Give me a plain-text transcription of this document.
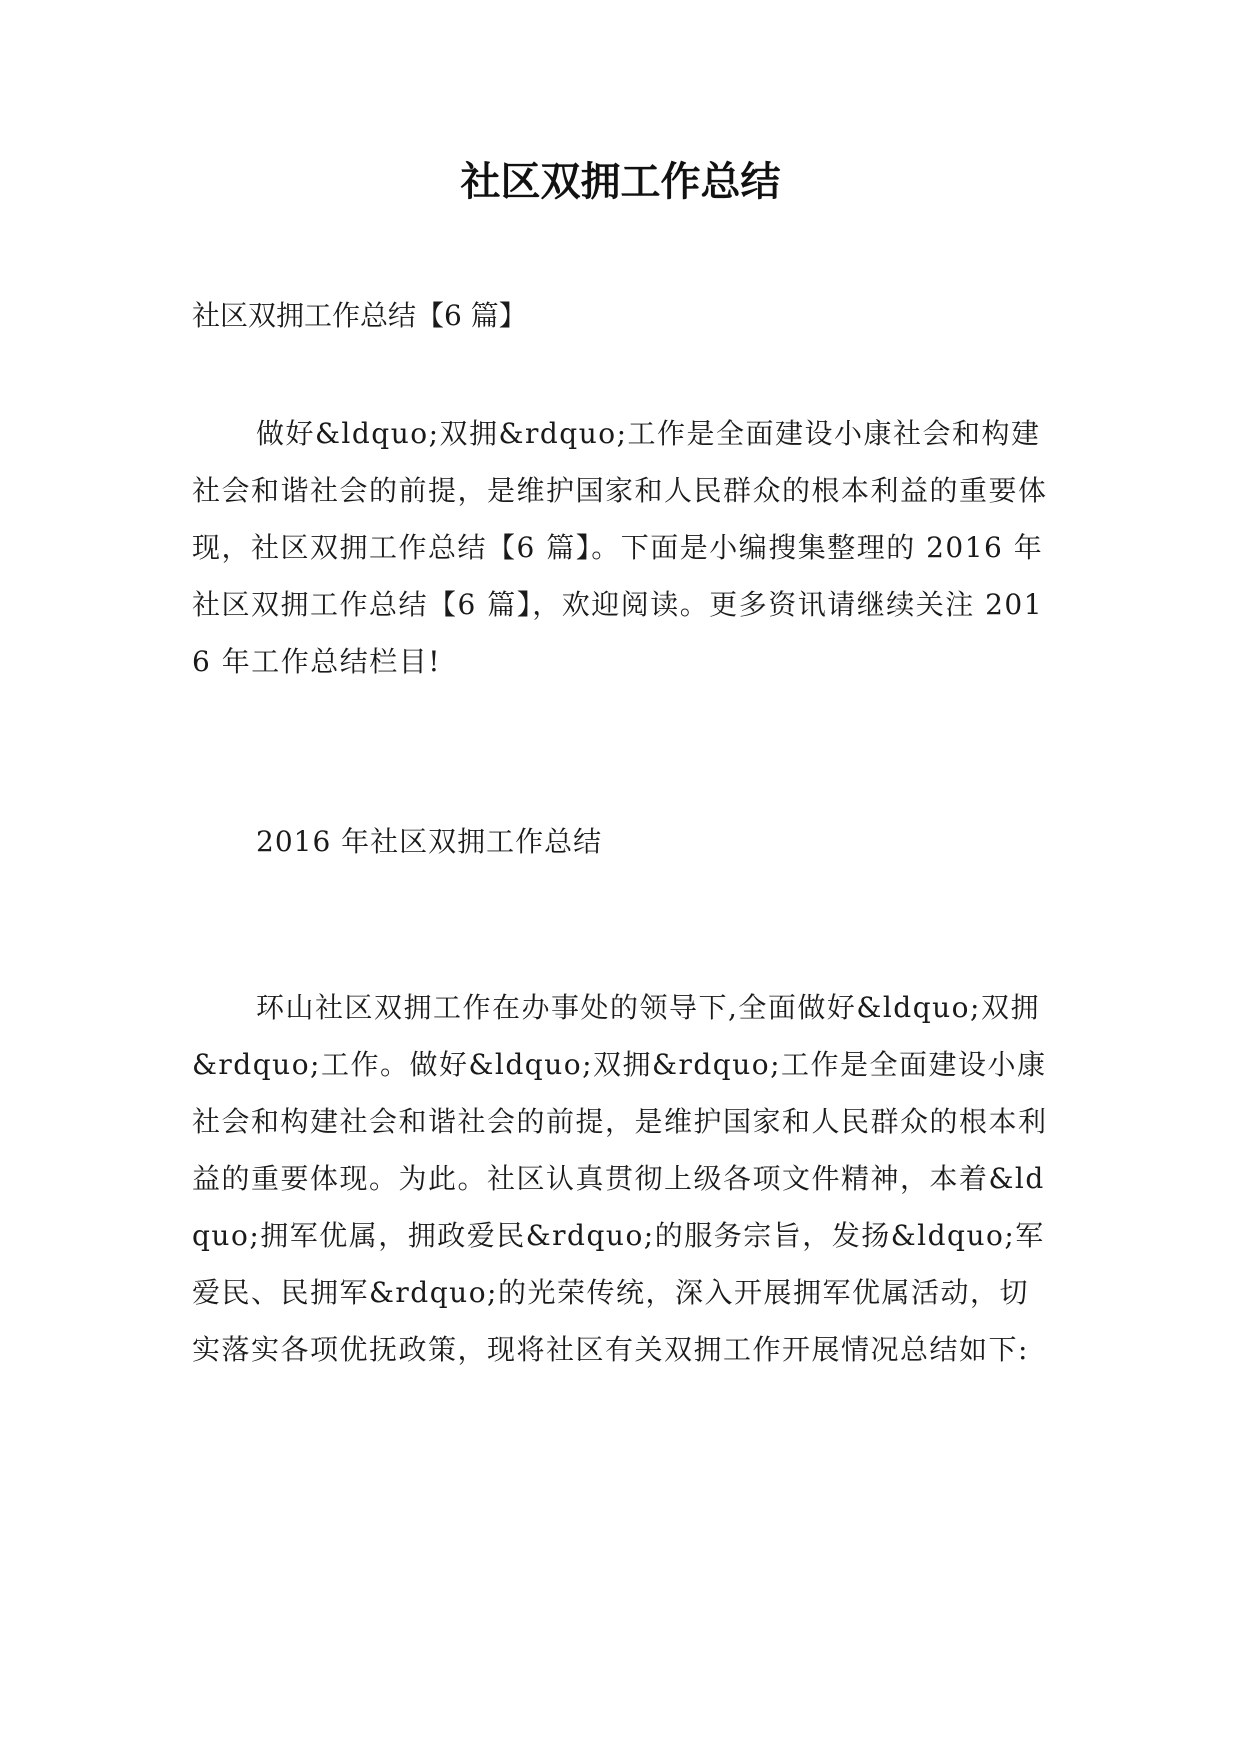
社区双拥工作总结

社区双拥工作总结【6 篇】

做好&ldquo;双拥&rdquo;工作是全面建设小康社会和构建社会和谐社会的前提，是维护国家和人民群众的根本利益的重要体现，社区双拥工作总结【6 篇】。下面是小编搜集整理的 2016 年社区双拥工作总结【6 篇】，欢迎阅读。更多资讯请继续关注 2016 年工作总结栏目!

2016 年社区双拥工作总结

环山社区双拥工作在办事处的领导下,全面做好&ldquo;双拥&rdquo;工作。做好&ldquo;双拥&rdquo;工作是全面建设小康社会和构建社会和谐社会的前提，是维护国家和人民群众的根本利益的重要体现。为此。社区认真贯彻上级各项文件精神，本着&ldquo;拥军优属，拥政爱民&rdquo;的服务宗旨，发扬&ldquo;军爱民、民拥军&rdquo;的光荣传统，深入开展拥军优属活动，切实落实各项优抚政策，现将社区有关双拥工作开展情况总结如下:
